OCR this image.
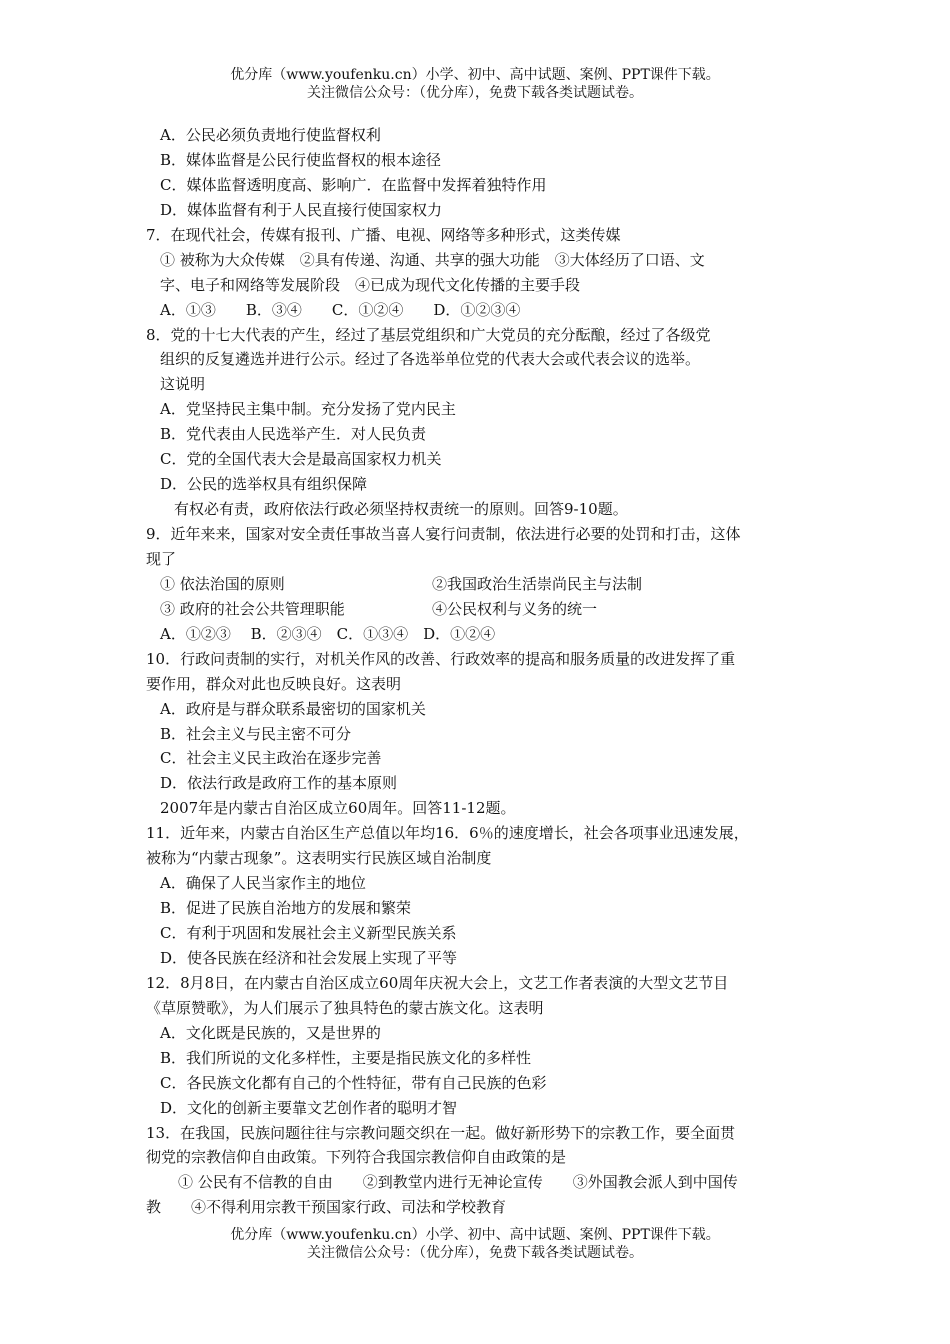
优分库（www.youfenku.cn）小学、初中、高中试题、案例、PPT课件下载。
关注微信公众号：（优分库），免费下载各类试题试卷。
A．公民必须负责地行使监督权利
B．媒体监督是公民行使监督权的根本途径
C．媒体监督透明度高、影响广．在监督中发挥着独特作用
D．媒体监督有利于人民直接行使国家权力
7．在现代社会，传媒有报刊、广播、电视、网络等多种形式，这类传媒
① 被称为大众传媒　②具有传递、沟通、共享的强大功能　③大体经历了口语、文
字、电子和网络等发展阶段　④已成为现代文化传播的主要手段
A．①③　　B．③④　　C．①②④　　D．①②③④
8．党的十七大代表的产生，经过了基层党组织和广大党员的充分酝酿，经过了各级党
组织的反复遴选并进行公示。经过了各选举单位党的代表大会或代表会议的选举。
这说明
A．党坚持民主集中制。充分发扬了党内民主
B．党代表由人民选举产生．对人民负责
C．党的全国代表大会是最高国家权力机关
D．公民的选举权具有组织保障
有权必有责，政府依法行政必须坚持权责统一的原则。回答9-10题。
9．近年来来，国家对安全责任事故当喜人宴行问责制，依法进行必要的处罚和打击，这体
现了
① 依法治国的原则	②我国政治生活崇尚民主与法制
③ 政府的社会公共管理职能	④公民权利与义务的统一
A．①②③　 B．②③④　C．①③④　D．①②④
10．行政问责制的实行，对机关作风的改善、行政效率的提高和服务质量的改进发挥了重
要作用，群众对此也反映良好。这表明
A．政府是与群众联系最密切的国家机关
B．社会主义与民主密不可分
C．社会主义民主政治在逐步完善
D．依法行政是政府工作的基本原则
2007年是内蒙古自治区成立60周年。回答11-12题。
11．近年来，内蒙古自治区生产总值以年均16．6％的速度增长，社会各项事业迅速发展，
被称为“内蒙古现象”。这表明实行民族区域自治制度
A．确保了人民当家作主的地位
B．促进了民族自治地方的发展和繁荣
C．有利于巩固和发展社会主义新型民族关系
D．使各民族在经济和社会发展上实现了平等
12．8月8日，在内蒙古自治区成立60周年庆祝大会上，文艺工作者表演的大型文艺节目
《草原赞歌》，为人们展示了独具特色的蒙古族文化。这表明
A．文化既是民族的，又是世界的
B．我们所说的文化多样性，主要是指民族文化的多样性
C．各民族文化都有自己的个性特征，带有自己民族的色彩
D．文化的创新主要靠文艺创作者的聪明才智
13．在我国，民族问题往往与宗教问题交织在一起。做好新形势下的宗教工作，要全面贯
彻党的宗教信仰自由政策。下列符合我国宗教信仰自由政策的是
① 公民有不信教的自由　　②到教堂内进行无神论宣传　　③外国教会派人到中国传
教　　④不得利用宗教干预国家行政、司法和学校教育
优分库（www.youfenku.cn）小学、初中、高中试题、案例、PPT课件下载。
关注微信公众号：（优分库），免费下载各类试题试卷。
